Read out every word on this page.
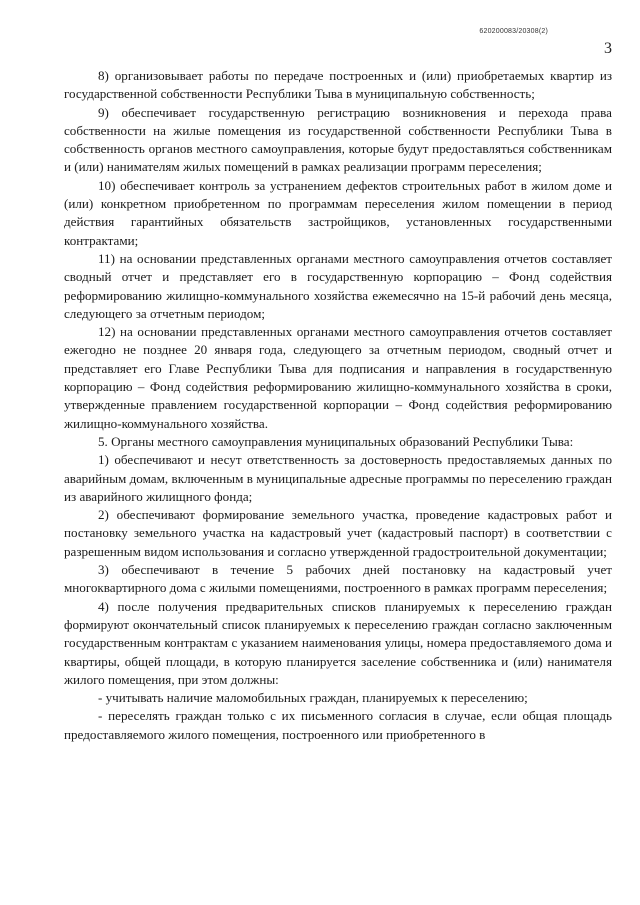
620200083/20308(2)
3

8) организовывает работы по передаче построенных и (или) приобретаемых квартир из государственной собственности Республики Тыва в муниципальную собственность;

9) обеспечивает государственную регистрацию возникновения и перехода права собственности на жилые помещения из государственной собственности Республики Тыва в собственность органов местного самоуправления, которые будут предоставляться собственникам и (или) нанимателям жилых помещений в рамках реализации программ переселения;

10) обеспечивает контроль за устранением дефектов строительных работ в жилом доме и (или) конкретном приобретенном по программам переселения жилом помещении в период действия гарантийных обязательств застройщиков, установленных государственными контрактами;

11) на основании представленных органами местного самоуправления отчетов составляет сводный отчет и представляет его в государственную корпорацию – Фонд содействия реформированию жилищно-коммунального хозяйства ежемесячно на 15-й рабочий день месяца, следующего за отчетным периодом;

12) на основании представленных органами местного самоуправления отчетов составляет ежегодно не позднее 20 января года, следующего за отчетным периодом, сводный отчет и представляет его Главе Республики Тыва для подписания и направления в государственную корпорацию – Фонд содействия реформированию жилищно-коммунального хозяйства в сроки, утвержденные правлением государственной корпорации – Фонд содействия реформированию жилищно-коммунального хозяйства.

5. Органы местного самоуправления муниципальных образований Республики Тыва:

1) обеспечивают и несут ответственность за достоверность предоставляемых данных по аварийным домам, включенным в муниципальные адресные программы по переселению граждан из аварийного жилищного фонда;

2) обеспечивают формирование земельного участка, проведение кадастровых работ и постановку земельного участка на кадастровый учет (кадастровый паспорт) в соответствии с разрешенным видом использования и согласно утвержденной градостроительной документации;

3) обеспечивают в течение 5 рабочих дней постановку на кадастровый учет многоквартирного дома с жилыми помещениями, построенного в рамках программ переселения;

4) после получения предварительных списков планируемых к переселению граждан формируют окончательный список планируемых к переселению граждан согласно заключенным государственным контрактам с указанием наименования улицы, номера предоставляемого дома и квартиры, общей площади, в которую планируется заселение собственника и (или) нанимателя жилого помещения, при этом должны:

- учитывать наличие маломобильных граждан, планируемых к переселению;

- переселять граждан только с их письменного согласия в случае, если общая площадь предоставляемого жилого помещения, построенного или приобретенного в
